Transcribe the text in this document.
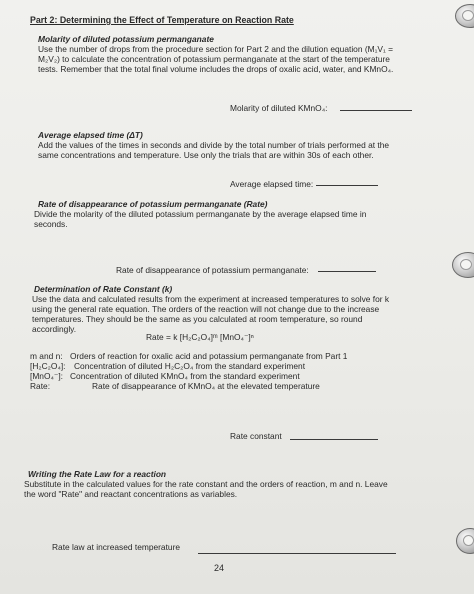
Part 2: Determining the Effect of Temperature on Reaction Rate
Molarity of diluted potassium permanganate
Use the number of drops from the procedure section for Part 2 and the dilution equation (M₁V₁ =
M₂V₂) to calculate the concentration of potassium permanganate at the start of the temperature
tests. Remember that the total final volume includes the drops of oxalic acid, water, and KMnO₄.
Molarity of diluted KMnO₄:
Average elapsed time (ΔT)
Add the values of the times in seconds and divide by the total number of trials performed at the
same concentrations and temperature. Use only the trials that are within 30s of each other.
Average elapsed time:
Rate of disappearance of potassium permanganate (Rate)
Divide the molarity of the diluted potassium permanganate by the average elapsed time in
seconds.
Rate of disappearance of potassium permanganate:
Determination of Rate Constant (k)
Use the data and calculated results from the experiment at increased temperatures to solve for k
using the general rate equation. The orders of the reaction will not change due to the increase
temperatures. They should be the same as you calculated at room temperature, so round
accordingly.
Rate = k [H₂C₂O₄]ᵐ [MnO₄⁻]ⁿ
m and n: Orders of reaction for oxalic acid and potassium permanganate from Part 1
[H₂C₂O₄]: Concentration of diluted H₂C₂O₄ from the standard experiment
[MnO₄⁻]: Concentration of diluted KMnO₄ from the standard experiment
Rate:	Rate of disappearance of KMnO₄ at the elevated temperature
Rate constant
Writing the Rate Law for a reaction
Substitute in the calculated values for the rate constant and the orders of reaction, m and n. Leave
the word "Rate" and reactant concentrations as variables.
Rate law at increased temperature
24
